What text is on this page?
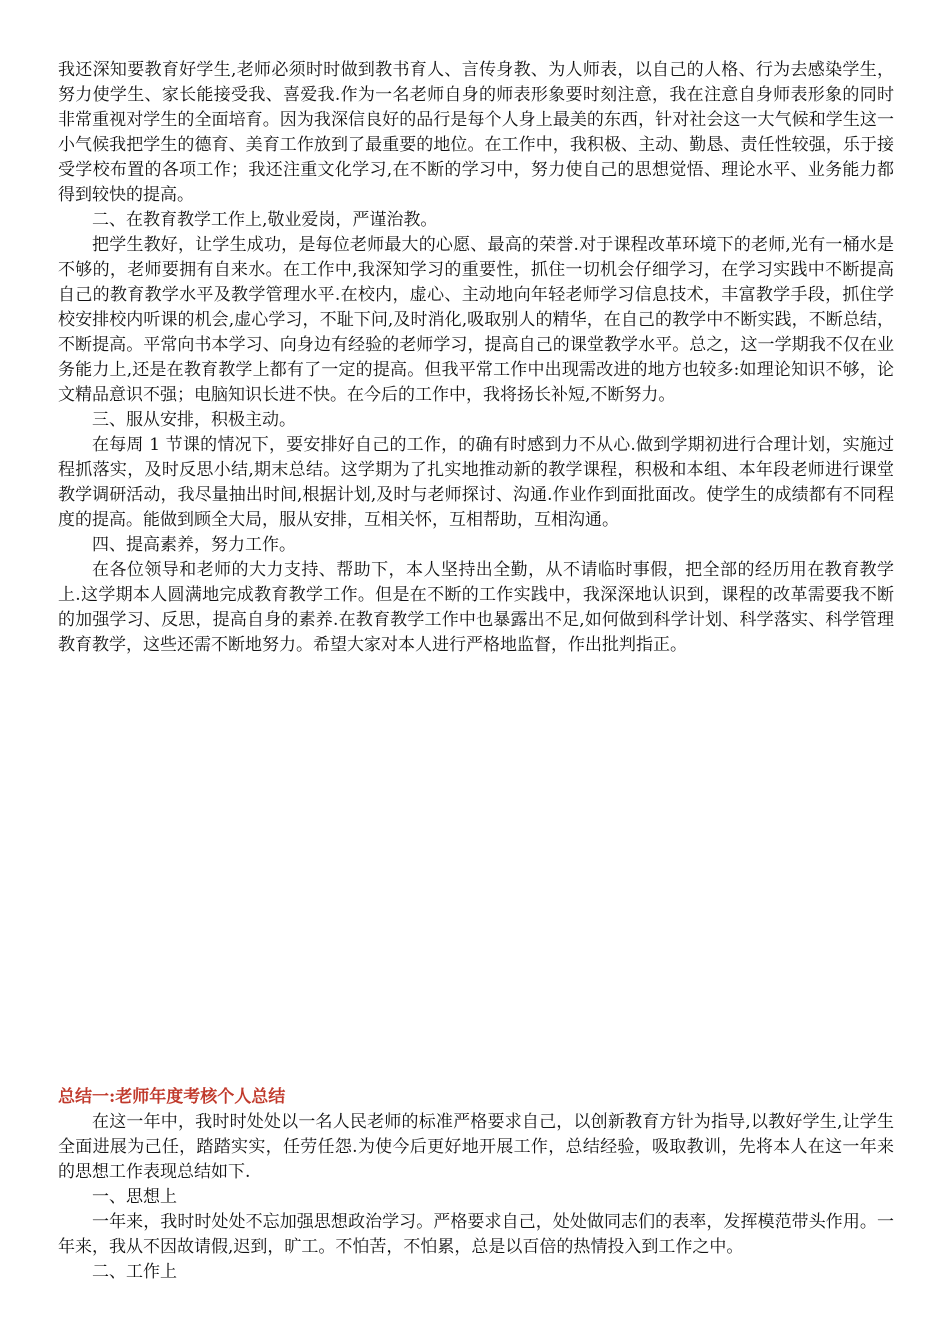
我还深知要教育好学生,老师必须时时做到教书育人、言传身教、为人师表，以自己的人格、行为去感染学生，努力使学生、家长能接受我、喜爱我.作为一名老师自身的师表形象要时刻注意，我在注意自身师表形象的同时非常重视对学生的全面培育。因为我深信良好的品行是每个人身上最美的东西，针对社会这一大气候和学生这一小气候我把学生的德育、美育工作放到了最重要的地位。在工作中，我积极、主动、勤恳、责任性较强，乐于接受学校布置的各项工作；我还注重文化学习,在不断的学习中，努力使自己的思想觉悟、理论水平、业务能力都得到较快的提高。

二、在教育教学工作上,敬业爱岗，严谨治教。

把学生教好，让学生成功，是每位老师最大的心愿、最高的荣誉.对于课程改革环境下的老师,光有一桶水是不够的，老师要拥有自来水。在工作中,我深知学习的重要性，抓住一切机会仔细学习，在学习实践中不断提高自己的教育教学水平及教学管理水平.在校内，虚心、主动地向年轻老师学习信息技术，丰富教学手段，抓住学校安排校内听课的机会,虚心学习，不耻下问,及时消化,吸取别人的精华，在自己的教学中不断实践，不断总结，不断提高。平常向书本学习、向身边有经验的老师学习，提高自己的课堂教学水平。总之，这一学期我不仅在业务能力上,还是在教育教学上都有了一定的提高。但我平常工作中出现需改进的地方也较多:如理论知识不够，论文精品意识不强；电脑知识长进不快。在今后的工作中，我将扬长补短,不断努力。

三、服从安排，积极主动。

在每周 1 节课的情况下，要安排好自己的工作，的确有时感到力不从心.做到学期初进行合理计划，实施过程抓落实，及时反思小结,期末总结。这学期为了扎实地推动新的教学课程，积极和本组、本年段老师进行课堂教学调研活动，我尽量抽出时间,根据计划,及时与老师探讨、沟通.作业作到面批面改。使学生的成绩都有不同程度的提高。能做到顾全大局，服从安排，互相关怀，互相帮助，互相沟通。

四、提高素养，努力工作。

在各位领导和老师的大力支持、帮助下，本人坚持出全勤，从不请临时事假，把全部的经历用在教育教学上.这学期本人圆满地完成教育教学工作。但是在不断的工作实践中，我深深地认识到，课程的改革需要我不断的加强学习、反思，提高自身的素养.在教育教学工作中也暴露出不足,如何做到科学计划、科学落实、科学管理教育教学，这些还需不断地努力。希望大家对本人进行严格地监督，作出批判指正。

总结一:老师年度考核个人总结

在这一年中，我时时处处以一名人民老师的标准严格要求自己，以创新教育方针为指导,以教好学生,让学生全面进展为己任，踏踏实实，任劳任怨.为使今后更好地开展工作，总结经验，吸取教训，先将本人在这一年来的思想工作表现总结如下.

一、思想上

一年来，我时时处处不忘加强思想政治学习。严格要求自己，处处做同志们的表率，发挥模范带头作用。一年来，我从不因故请假,迟到，旷工。不怕苦，不怕累，总是以百倍的热情投入到工作之中。

二、工作上
